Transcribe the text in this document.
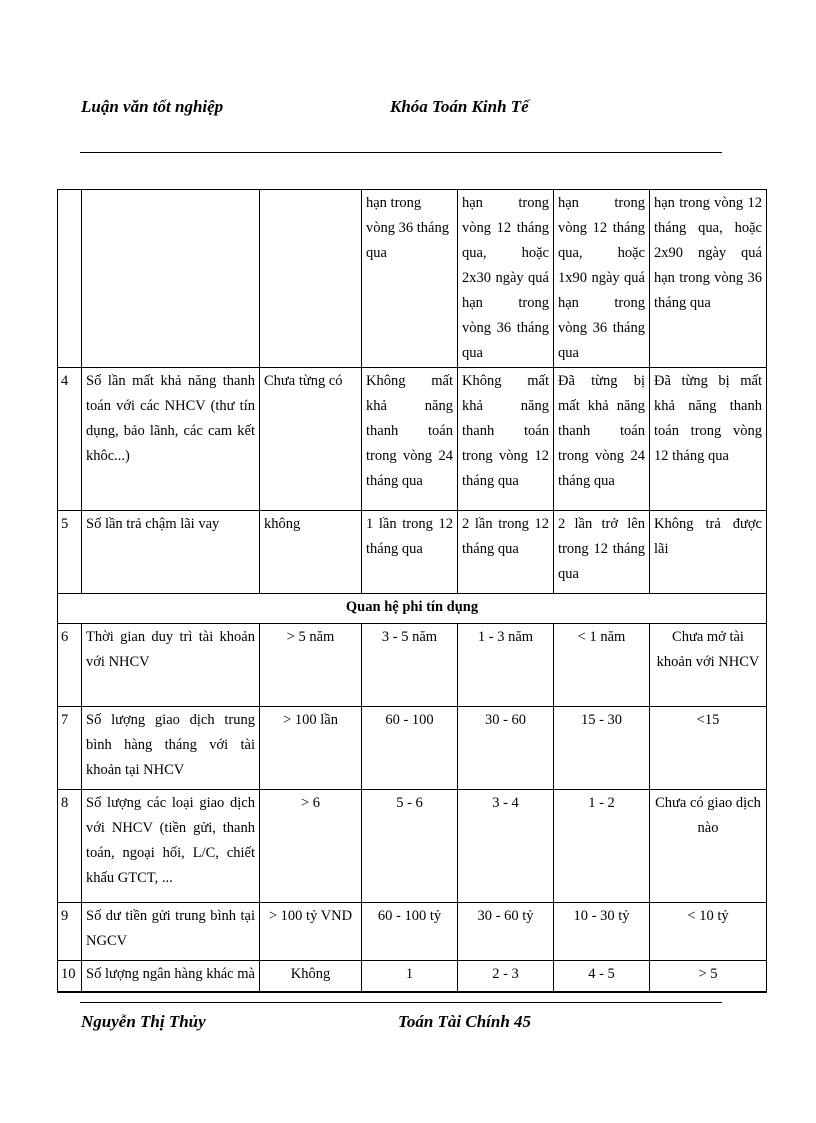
Luận văn tốt nghiệp	Khóa Toán Kinh Tế
			hạn trong vòng 36 tháng qua	hạn trong vòng 12 tháng qua, hoặc 2x30 ngày quá hạn trong vòng 36 tháng qua	hạn trong vòng 12 tháng qua, hoặc 1x90 ngày quá hạn trong vòng 36 tháng qua	hạn trong vòng 12 tháng qua, hoặc 2x90 ngày quá hạn trong vòng 36 tháng qua
4	Số lần mất khả năng thanh toán với các NHCV (thư tín dụng, bảo lãnh, các cam kết khôc...)	Chưa từng có	Không mất khả năng thanh toán trong vòng 24 tháng qua	Không mất khả năng thanh toán trong vòng 12 tháng qua	Đã từng bị mất khả năng thanh toán trong vòng 24 tháng qua	Đã từng bị mất khả năng thanh toán trong vòng 12 tháng qua
5	Số lần trả chậm lãi vay	không	1 lần trong 12 tháng qua	2 lần trong 12 tháng qua	2 lần trở lên trong 12 tháng qua	Không trả được lãi
Quan hệ phi tín dụng						
6	Thời gian duy trì tài khoản với NHCV	> 5 năm	3 - 5 năm	1 - 3 năm	< 1 năm	Chưa mở tài khoản với NHCV
7	Số lượng giao dịch trung bình hàng tháng với tài khoản tại NHCV	> 100 lần	60 - 100	30 - 60	15 - 30	<15
8	Số lượng các loại giao dịch với NHCV (tiền gửi, thanh toán, ngoại hối, L/C, chiết khấu GTCT, ...	> 6	5 - 6	3 - 4	1 - 2	Chưa có giao dịch nào
9	Số dư tiền gửi trung bình tại NGCV	> 100 tỷ VND	60 - 100 tỷ	30 - 60 tỷ	10 - 30 tỷ	< 10 tỷ
10	Số lượng ngân hàng khác mà	Không	1	2 - 3	4 - 5	> 5
Nguyễn Thị Thủy	Toán Tài Chính 45
